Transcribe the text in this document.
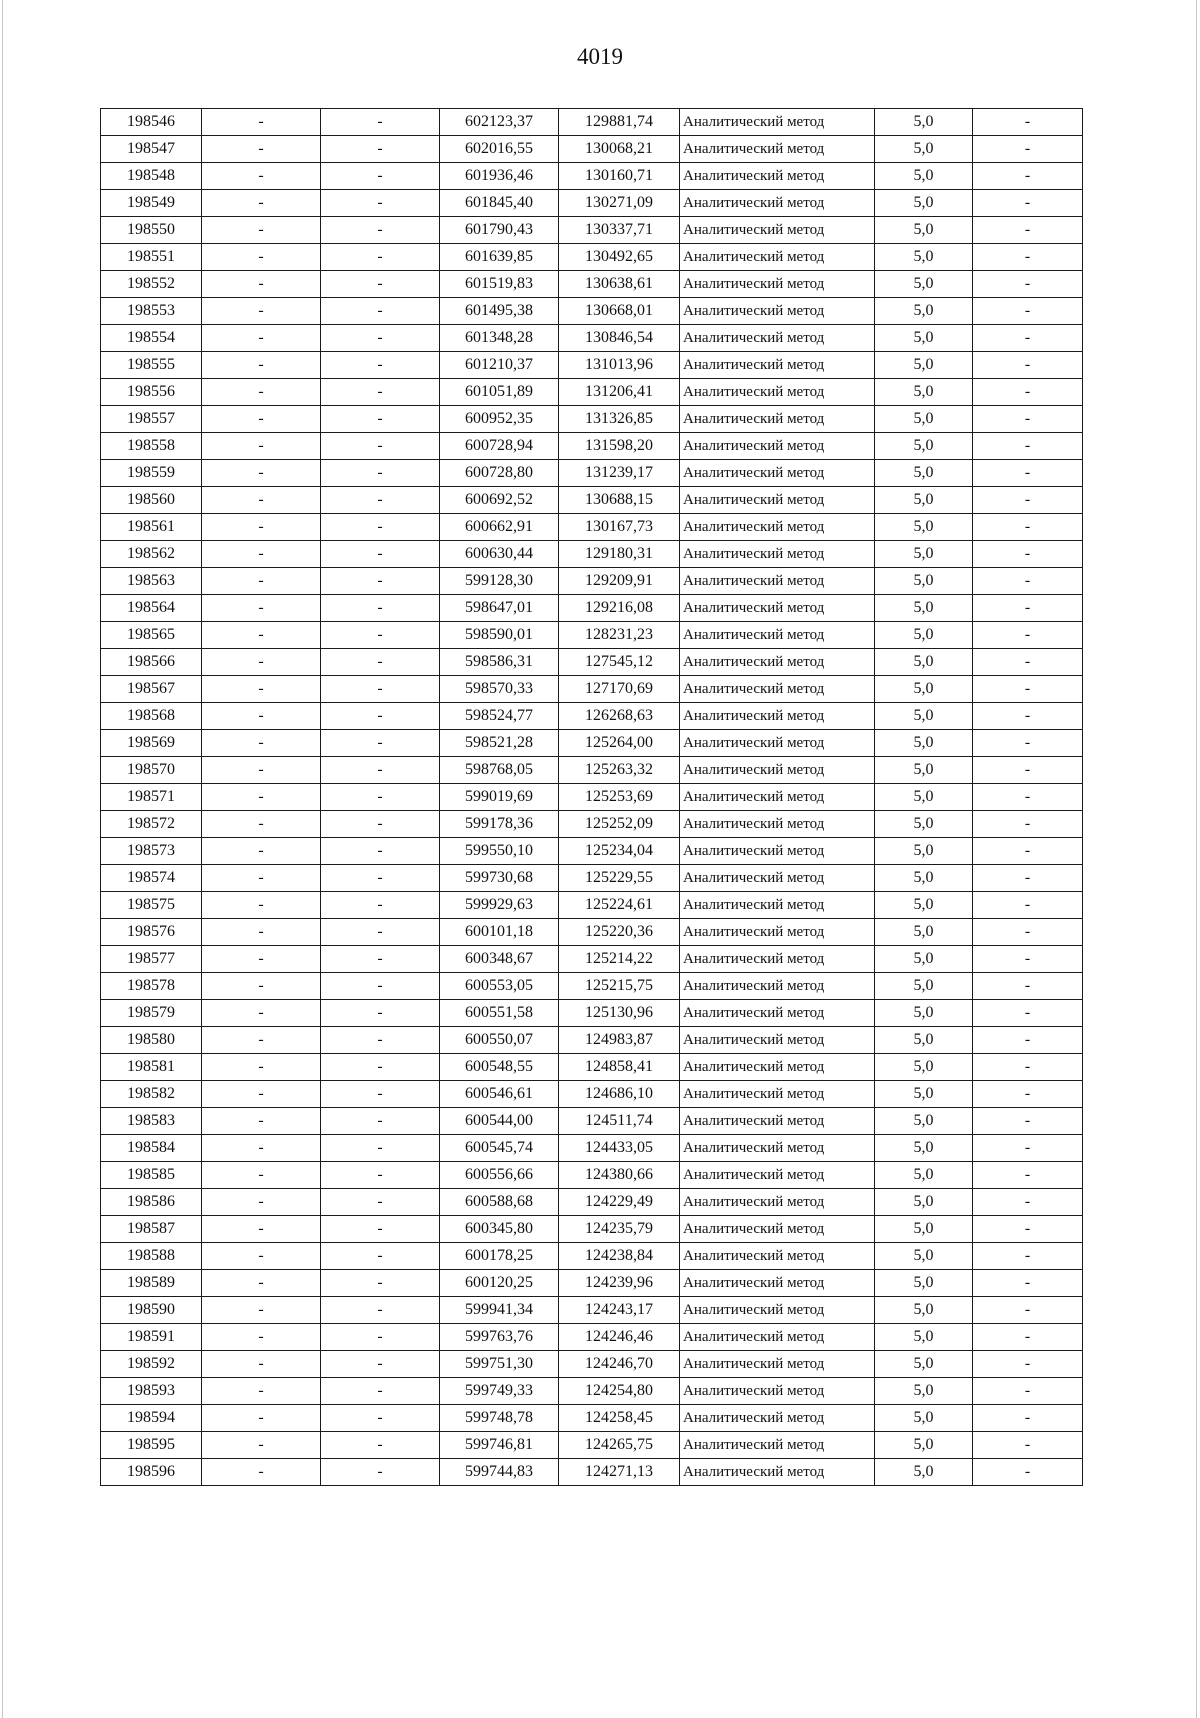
4019
198546	-	-	602123,37	129881,74	Аналитический метод	5,0	-
198547	-	-	602016,55	130068,21	Аналитический метод	5,0	-
198548	-	-	601936,46	130160,71	Аналитический метод	5,0	-
198549	-	-	601845,40	130271,09	Аналитический метод	5,0	-
198550	-	-	601790,43	130337,71	Аналитический метод	5,0	-
198551	-	-	601639,85	130492,65	Аналитический метод	5,0	-
198552	-	-	601519,83	130638,61	Аналитический метод	5,0	-
198553	-	-	601495,38	130668,01	Аналитический метод	5,0	-
198554	-	-	601348,28	130846,54	Аналитический метод	5,0	-
198555	-	-	601210,37	131013,96	Аналитический метод	5,0	-
198556	-	-	601051,89	131206,41	Аналитический метод	5,0	-
198557	-	-	600952,35	131326,85	Аналитический метод	5,0	-
198558	-	-	600728,94	131598,20	Аналитический метод	5,0	-
198559	-	-	600728,80	131239,17	Аналитический метод	5,0	-
198560	-	-	600692,52	130688,15	Аналитический метод	5,0	-
198561	-	-	600662,91	130167,73	Аналитический метод	5,0	-
198562	-	-	600630,44	129180,31	Аналитический метод	5,0	-
198563	-	-	599128,30	129209,91	Аналитический метод	5,0	-
198564	-	-	598647,01	129216,08	Аналитический метод	5,0	-
198565	-	-	598590,01	128231,23	Аналитический метод	5,0	-
198566	-	-	598586,31	127545,12	Аналитический метод	5,0	-
198567	-	-	598570,33	127170,69	Аналитический метод	5,0	-
198568	-	-	598524,77	126268,63	Аналитический метод	5,0	-
198569	-	-	598521,28	125264,00	Аналитический метод	5,0	-
198570	-	-	598768,05	125263,32	Аналитический метод	5,0	-
198571	-	-	599019,69	125253,69	Аналитический метод	5,0	-
198572	-	-	599178,36	125252,09	Аналитический метод	5,0	-
198573	-	-	599550,10	125234,04	Аналитический метод	5,0	-
198574	-	-	599730,68	125229,55	Аналитический метод	5,0	-
198575	-	-	599929,63	125224,61	Аналитический метод	5,0	-
198576	-	-	600101,18	125220,36	Аналитический метод	5,0	-
198577	-	-	600348,67	125214,22	Аналитический метод	5,0	-
198578	-	-	600553,05	125215,75	Аналитический метод	5,0	-
198579	-	-	600551,58	125130,96	Аналитический метод	5,0	-
198580	-	-	600550,07	124983,87	Аналитический метод	5,0	-
198581	-	-	600548,55	124858,41	Аналитический метод	5,0	-
198582	-	-	600546,61	124686,10	Аналитический метод	5,0	-
198583	-	-	600544,00	124511,74	Аналитический метод	5,0	-
198584	-	-	600545,74	124433,05	Аналитический метод	5,0	-
198585	-	-	600556,66	124380,66	Аналитический метод	5,0	-
198586	-	-	600588,68	124229,49	Аналитический метод	5,0	-
198587	-	-	600345,80	124235,79	Аналитический метод	5,0	-
198588	-	-	600178,25	124238,84	Аналитический метод	5,0	-
198589	-	-	600120,25	124239,96	Аналитический метод	5,0	-
198590	-	-	599941,34	124243,17	Аналитический метод	5,0	-
198591	-	-	599763,76	124246,46	Аналитический метод	5,0	-
198592	-	-	599751,30	124246,70	Аналитический метод	5,0	-
198593	-	-	599749,33	124254,80	Аналитический метод	5,0	-
198594	-	-	599748,78	124258,45	Аналитический метод	5,0	-
198595	-	-	599746,81	124265,75	Аналитический метод	5,0	-
198596	-	-	599744,83	124271,13	Аналитический метод	5,0	-
